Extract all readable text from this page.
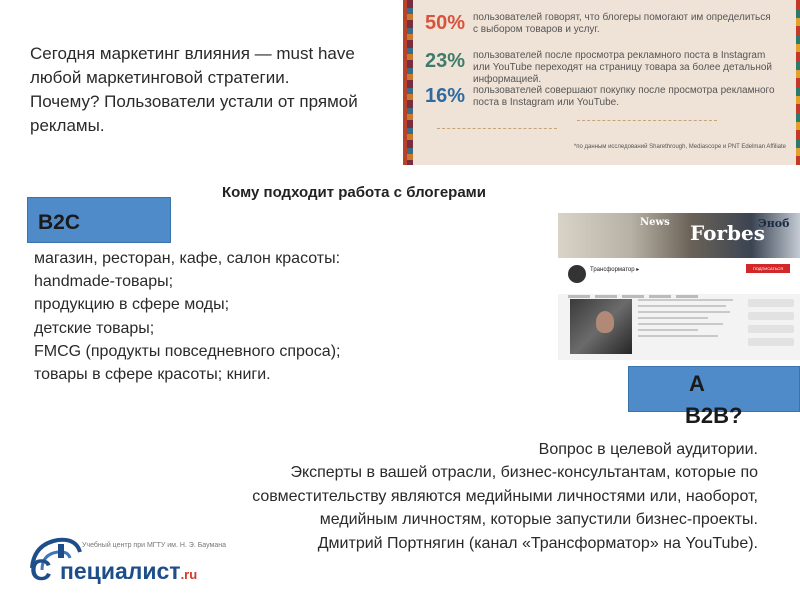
Сегодня маркетинг влияния — must have
любой маркетинговой стратегии.
Почему? Пользователи устали от прямой
рекламы.
50% пользователей говорят, что блогеры помогают им определиться с выбором товаров и услуг.
23% пользователей после просмотра рекламного поста в Instagram или YouTube переходят на страницу товара за более детальной информацией.
16% пользователей совершают покупку после просмотра рекламного поста в Instagram или YouTube.
*по данным исследований Sharethrough, Mediascope и PNT Edelman Affiliate
Кому подходит работа с блогерами
B2C
магазин, ресторан, кафе, салон красоты:
handmade-товары;
продукцию в сфере моды;
детские товары;
FMCG (продукты повседневного спроса);
товары в сфере красоты; книги.
News Forbes
Эноб
Трансформатор ▸	ПОДПИСАТЬСЯ
А
B2B?
Вопрос в целевой аудитории.
Эксперты в вашей отрасли, бизнес-консультантам, которые по
совместительству являются медийными личностями или, наоборот,
медийным личностям, которые запустили бизнес-проекты.
Дмитрий Портнягин (канал «Трансформатор» на YouTube).
С
Учебный центр при МГТУ им. Н. Э. Баумана
пециалист.ru
